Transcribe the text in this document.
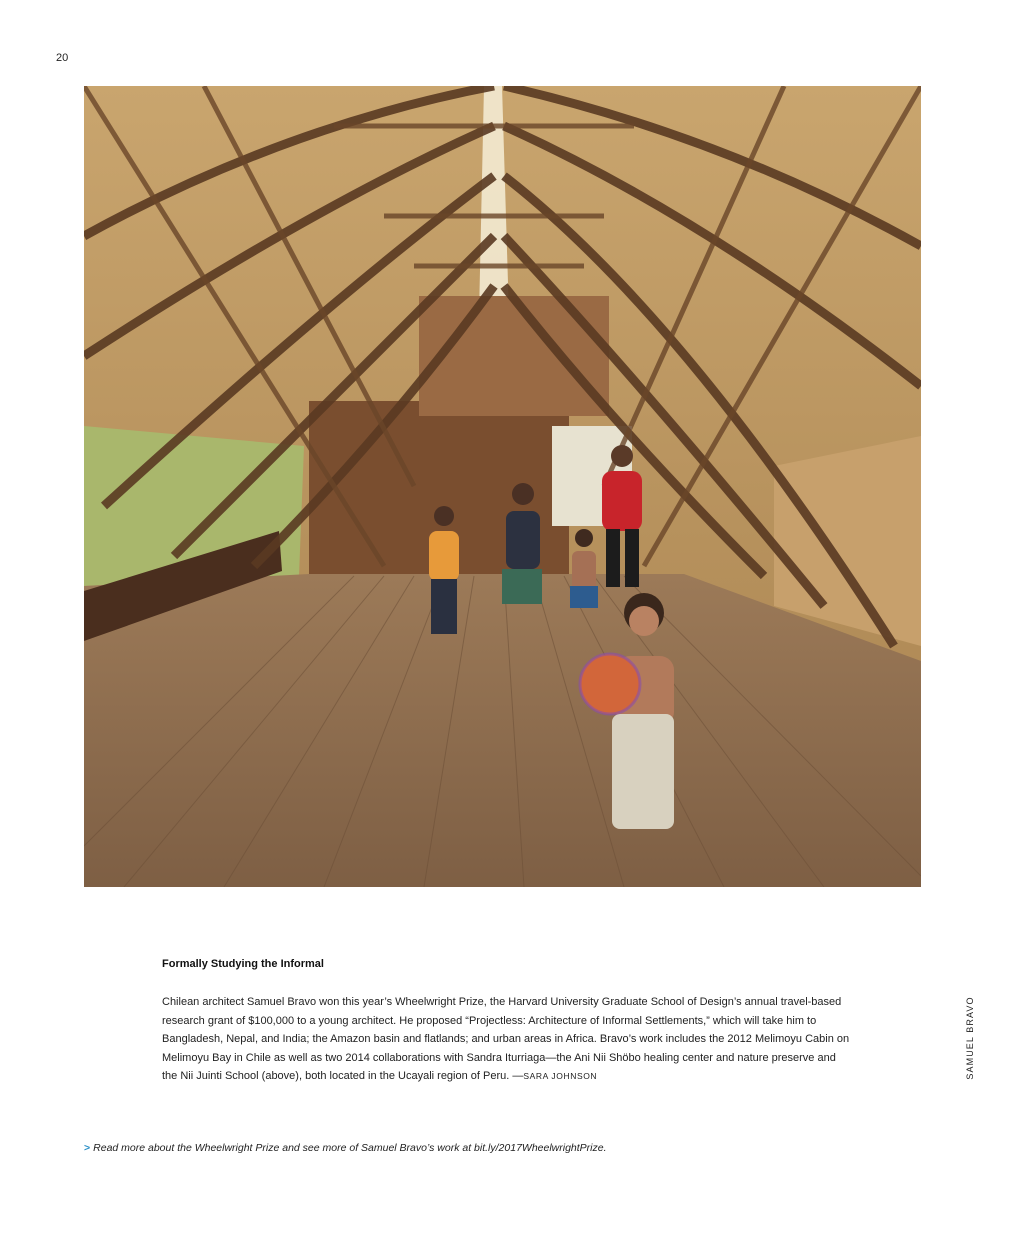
20
Formally Studying the Informal
Chilean architect Samuel Bravo won this year’s Wheelwright Prize, the Harvard University Graduate School of Design’s annual travel-based research grant of $100,000 to a young architect. He proposed “Projectless: Architecture of Informal Settlements,” which will take him to Bangladesh, Nepal, and India; the Amazon basin and flatlands; and urban areas in Africa. Bravo’s work includes the 2012 Melimoyu Cabin on Melimoyu Bay in Chile as well as two 2014 collaborations with Sandra Iturriaga—the Ani Nii Shöbo healing center and nature preserve and the Nii Juinti School (above), both located in the Ucayali region of Peru. —SARA JOHNSON	SAMUEL BRAVO
> Read more about the Wheelwright Prize and see more of Samuel Bravo’s work at bit.ly/2017WheelwrightPrize.
